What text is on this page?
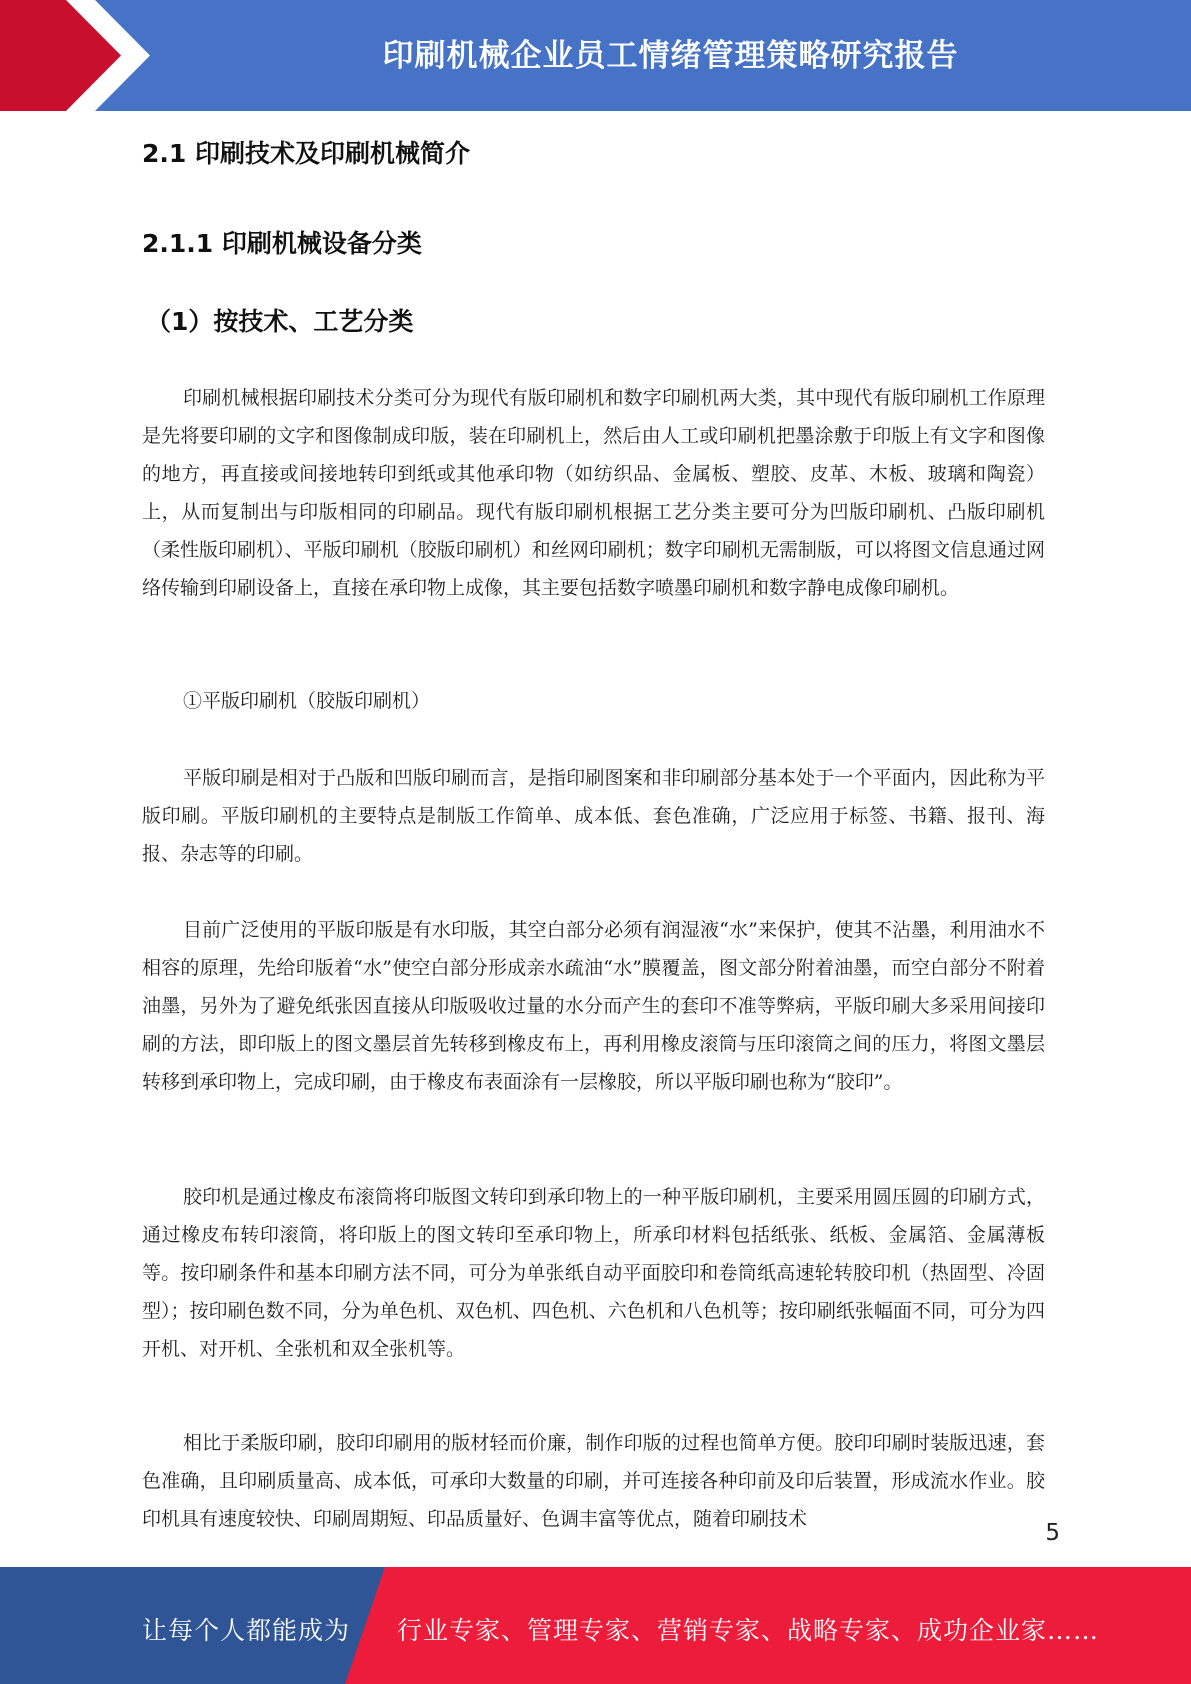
印刷机械企业员工情绪管理策略研究报告
2.1 印刷技术及印刷机械简介
2.1.1 印刷机械设备分类
（1）按技术、工艺分类

印刷机械根据印刷技术分类可分为现代有版印刷机和数字印刷机两大类，其中现代有版印刷机工作原理是先将要印刷的文字和图像制成印版，装在印刷机上，然后由人工或印刷机把墨涂敷于印版上有文字和图像的地方，再直接或间接地转印到纸或其他承印物（如纺织品、金属板、塑胶、皮革、木板、玻璃和陶瓷）上，从而复制出与印版相同的印刷品。现代有版印刷机根据工艺分类主要可分为凹版印刷机、凸版印刷机（柔性版印刷机）、平版印刷机（胶版印刷机）和丝网印刷机；数字印刷机无需制版，可以将图文信息通过网络传输到印刷设备上，直接在承印物上成像，其主要包括数字喷墨印刷机和数字静电成像印刷机。

①平版印刷机（胶版印刷机）

平版印刷是相对于凸版和凹版印刷而言，是指印刷图案和非印刷部分基本处于一个平面内，因此称为平版印刷。平版印刷机的主要特点是制版工作简单、成本低、套色准确，广泛应用于标签、书籍、报刊、海报、杂志等的印刷。

目前广泛使用的平版印版是有水印版，其空白部分必须有润湿液“水”来保护，使其不沾墨，利用油水不相容的原理，先给印版着“水”使空白部分形成亲水疏油“水”膜覆盖，图文部分附着油墨，而空白部分不附着油墨，另外为了避免纸张因直接从印版吸收过量的水分而产生的套印不准等弊病，平版印刷大多采用间接印刷的方法，即印版上的图文墨层首先转移到橡皮布上，再利用橡皮滚筒与压印滚筒之间的压力，将图文墨层转移到承印物上，完成印刷，由于橡皮布表面涂有一层橡胶，所以平版印刷也称为“胶印”。

胶印机是通过橡皮布滚筒将印版图文转印到承印物上的一种平版印刷机，主要采用圆压圆的印刷方式，通过橡皮布转印滚筒，将印版上的图文转印至承印物上，所承印材料包括纸张、纸板、金属箔、金属薄板等。按印刷条件和基本印刷方法不同，可分为单张纸自动平面胶印和卷筒纸高速轮转胶印机（热固型、冷固型）；按印刷色数不同，分为单色机、双色机、四色机、六色机和八色机等；按印刷纸张幅面不同，可分为四开机、对开机、全张机和双全张机等。

相比于柔版印刷，胶印印刷用的版材轻而价廉，制作印版的过程也简单方便。胶印印刷时装版迅速，套色准确，且印刷质量高、成本低，可承印大数量的印刷，并可连接各种印前及印后装置，形成流水作业。胶印机具有速度较快、印刷周期短、印品质量好、色调丰富等优点，随着印刷技术

5
让每个人都能成为 行业专家、管理专家、营销专家、战略专家、成功企业家……
